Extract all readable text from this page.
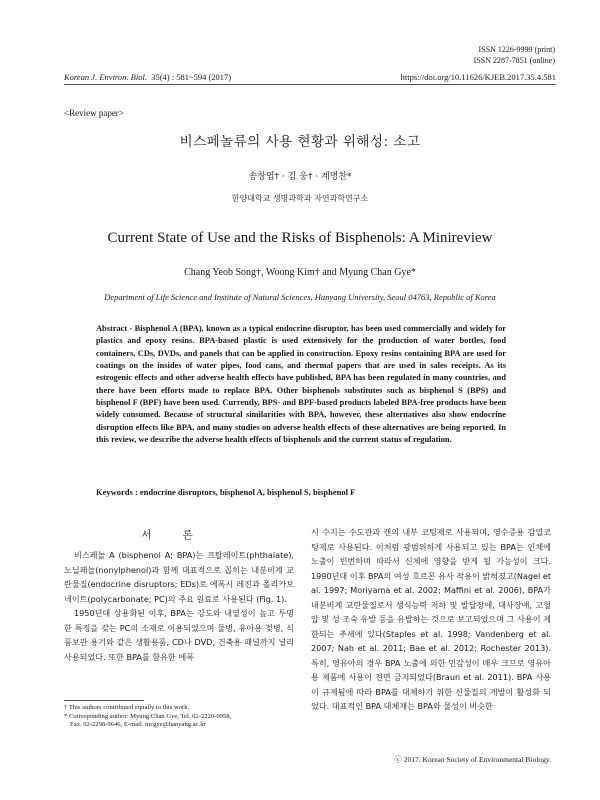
ISSN 1226-9999 (print)
ISSN 2287-7851 (online)
Korean J. Environ. Biol. 35(4) : 581~594 (2017)	https://doi.org/10.11626/KJEB.2017.35.4.581
<Review paper>
비스페놀류의 사용 현황과 위해성: 소고
송창엽† · 김 웅† · 계명찬*
한양대학교 생명과학과 자연과학연구소
Current State of Use and the Risks of Bisphenols: A Minireview
Chang Yeob Song†, Woong Kim† and Myung Chan Gye*
Department of Life Science and Institute of Natural Sciences, Hanyang University, Seoul 04763, Republic of Korea
Abstract - Bisphenol A (BPA), known as a typical endocrine disruptor, has been used commercially and widely for plastics and epoxy resins. BPA-based plastic is used extensively for the production of water bottles, food containers, CDs, DVDs, and panels that can be applied in construction. Epoxy resins containing BPA are used for coatings on the insides of water pipes, food cans, and thermal papers that are used in sales receipts. As its estrogenic effects and other adverse health effects have published, BPA has been regulated in many countries, and there have been efforts made to replace BPA. Other bisphenols substitutes such as bisphenol S (BPS) and bisphenol F (BPF) have been used. Currently, BPS- and BPF-based products labeled BPA-free products have been widely consumed. Because of structural similarities with BPA, however, these alternatives also show endocrine disruption effects like BPA, and many studies on adverse health effects of these alternatives are being reported. In this review, we describe the adverse health effects of bisphenols and the current status of regulation.
Keywords : endocrine disruptors, bisphenol A, bisphenol S, bisphenol F
서 론

비스페놀 A (bisphenol A; BPA)는 프탈레이트(phthalate), 노닐페놀(nonylphenol)과 함께 대표적으로 꼽히는 내분비계 교란물질(endocrine disruptors; EDs)로 에폭시 레진과 폴리카보네이트(polycarbonate; PC)의 주요 원료로 사용된다 (Fig. 1).

1950년대 상용화된 이후, BPA는 강도와 내열성이 높고 투명한 특징을 갖는 PC의 소재로 이용되었으며 물병, 유아용 젖병, 식품보관 용기와 같은 생활용품, CD나 DVD, 건축용 패널까지 널리 사용되었다. 또한 BPA를 함유한 에폭

시 수지는 수도관과 캔의 내부 코팅제로 사용되며, 영수증용 감열코팅제로 사용된다. 이처럼 광범위하게 사용되고 있는 BPA는 인체에 노출이 빈번하며 따라서 신체에 영향을 받게 될 가능성이 크다. 1990년대 이후 BPA의 여성 호르몬 유사 작용이 밝혀졌고(Nagel et al. 1997; Moriyama et al. 2002; Maffini et al. 2006), BPA가 내분비계 교란물질로서 생식능력 저하 및 발달장애, 대사장애, 고혈압 및 성 조숙 유발 등을 유발하는 것으로 보고되었으며 그 사용이 제한되는 추세에 있다(Staples et al. 1998; Vandenberg et al. 2007; Nah et al. 2011; Bae et al. 2012; Rochester 2013). 특히, 영유아의 경우 BPA 노출에 의한 민감성이 매우 크므로 영유아용 제품에 사용이 전면 금지되었다(Braun et al. 2011). BPA 사용이 규제됨에 따라 BPA를 대체하기 위한 신물질의 개발이 활성화 되었다. 대표적인 BPA 대체재는 BPA와 물성이 비슷한
† This authors contributed equally to this work.
* Corresponding author: Myung Chan Gye, Tel. 02-2220-0958,
Fax. 02-2298-9646, E-mail. mcgye@hanyang.ac.kr
ⓒ 2017. Korean Society of Environmental Biology.
